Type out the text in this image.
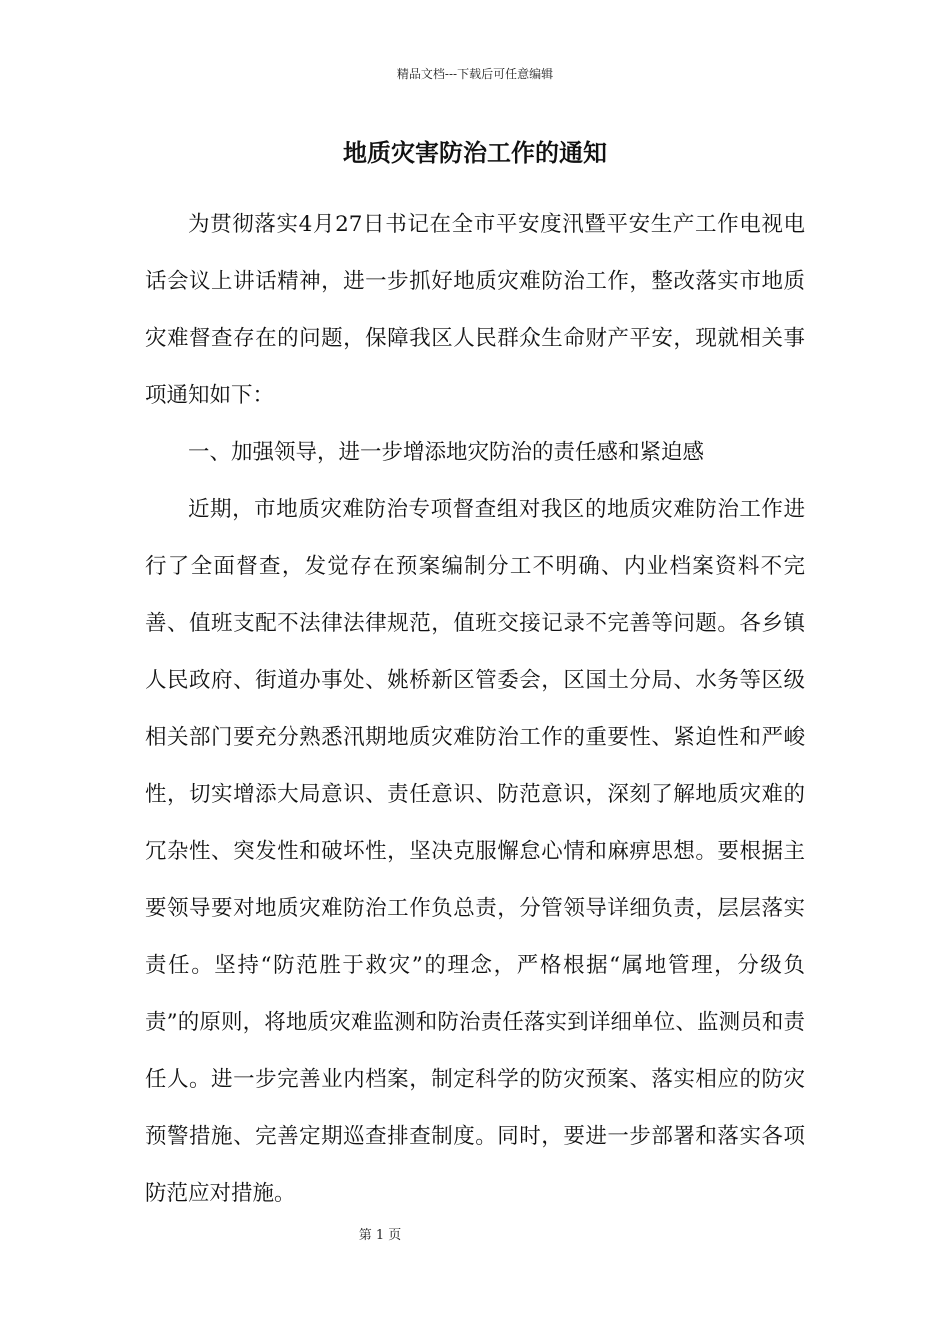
精品文档---下载后可任意编辑
地质灾害防治工作的通知

为贯彻落实4月27日书记在全市平安度汛暨平安生产工作电视电话会议上讲话精神，进一步抓好地质灾难防治工作，整改落实市地质灾难督查存在的问题，保障我区人民群众生命财产平安，现就相关事项通知如下：

一、加强领导，进一步增添地灾防治的责任感和紧迫感

近期，市地质灾难防治专项督查组对我区的地质灾难防治工作进行了全面督查，发觉存在预案编制分工不明确、内业档案资料不完善、值班支配不法律法律规范，值班交接记录不完善等问题。各乡镇人民政府、街道办事处、姚桥新区管委会，区国土分局、水务等区级相关部门要充分熟悉汛期地质灾难防治工作的重要性、紧迫性和严峻性，切实增添大局意识、责任意识、防范意识，深刻了解地质灾难的冗杂性、突发性和破坏性，坚决克服懈怠心情和麻痹思想。要根据主要领导要对地质灾难防治工作负总责，分管领导详细负责，层层落实责任。坚持“防范胜于救灾”的理念，严格根据“属地管理，分级负责”的原则，将地质灾难监测和防治责任落实到详细单位、监测员和责任人。进一步完善业内档案，制定科学的防灾预案、落实相应的防灾预警措施、完善定期巡查排查制度。同时，要进一步部署和落实各项防范应对措施。

第 1 页
